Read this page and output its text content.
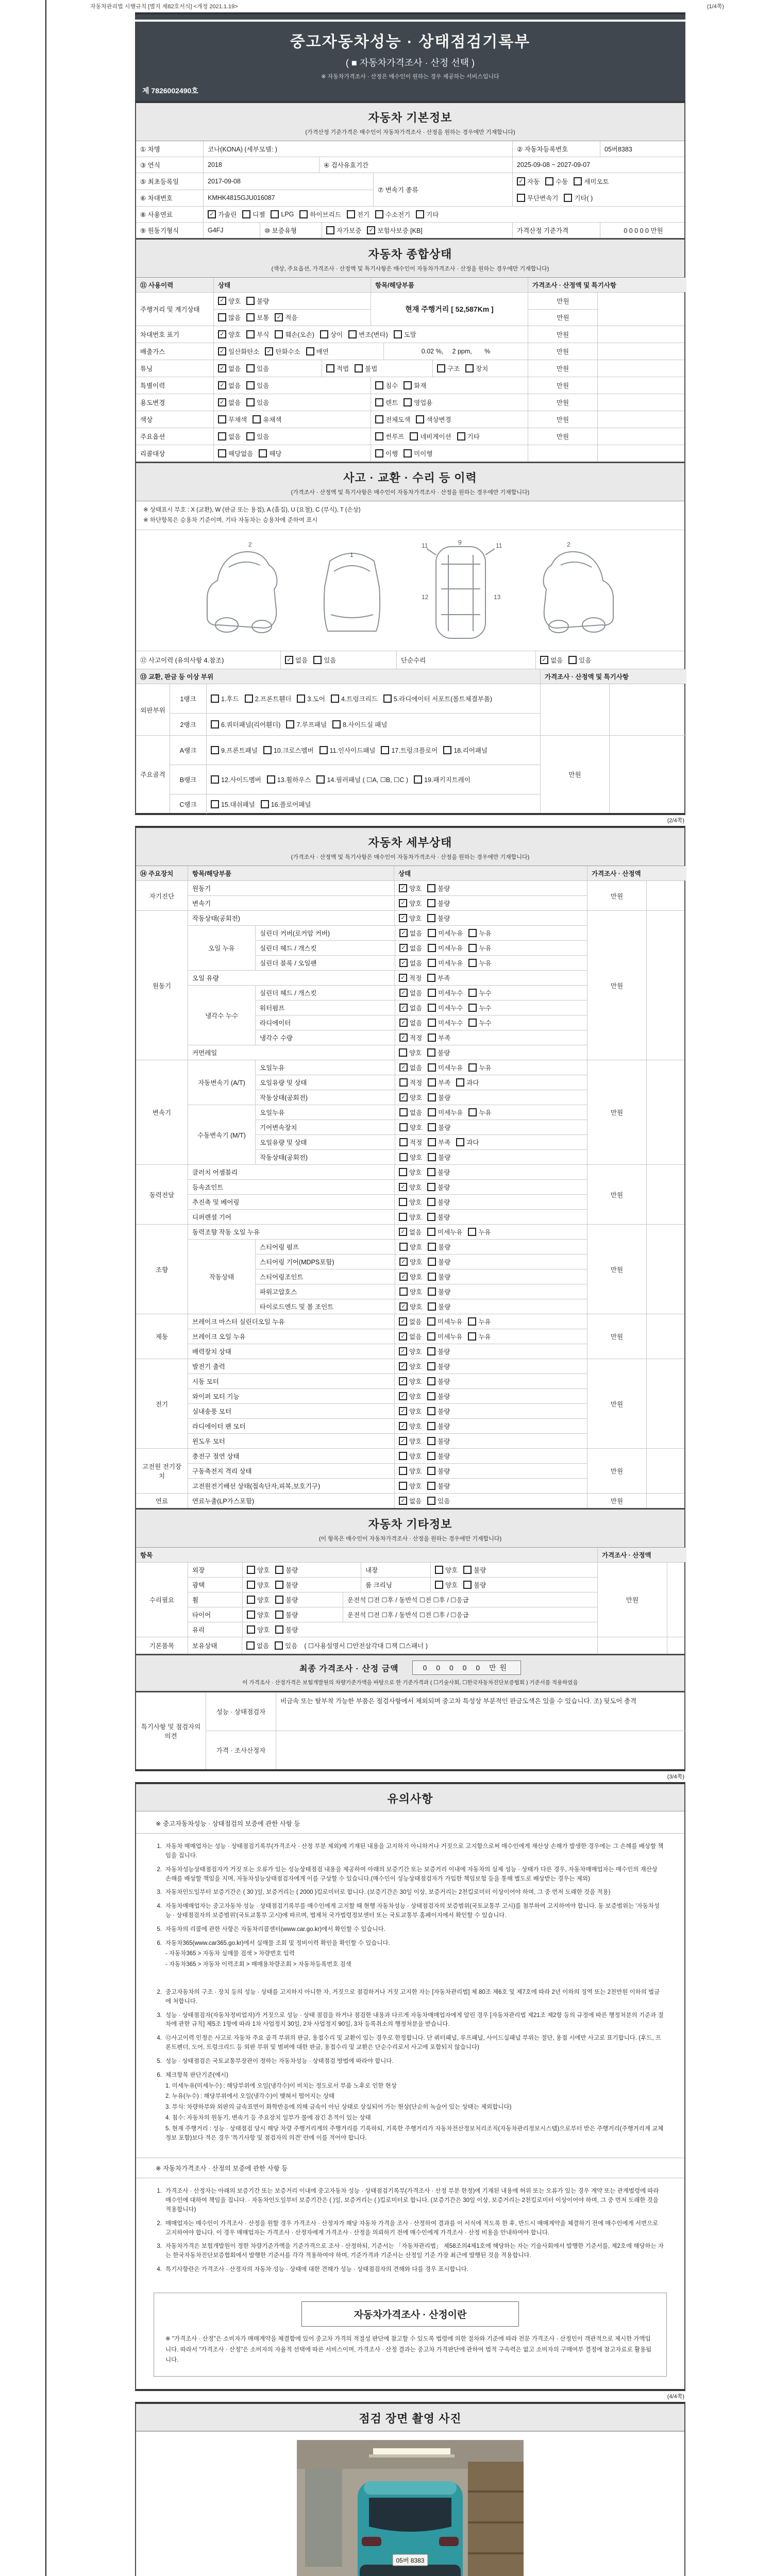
자동차관리법 시행규칙 [별지 제82호서식] <개정 2021.1.19>	(1/4쪽)
중고자동차성능 · 상태점검기록부
( ■ 자동차가격조사 · 산정 선택 )
※ 자동차가격조사 · 산정은 매수인이 원하는 경우 제공하는 서비스입니다
제 7826002490호
자동차 기본정보
(가격산정 기준가격은 매수인이 자동차가격조사 · 산정을 원하는 경우에만 기재합니다)
① 차명	코나(KONA) (세부모델: )	② 자동차등록번호	05버8383
③ 연식	2018	④ 검사유효기간	2025-09-08 ~ 2027-09-07
⑤ 최초등록일	2017-09-08
⑥ 차대번호	KMHK4815GJU016087
⑦ 변속기 종류
✓ 자동 수동 세미오토
무단변속기 기타( )
⑧ 사용연료	✓ 가솔린 디젤 LPG 하이브리드 전기 수소전기 기타
⑨ 원동기형식	G4FJ	⑩ 보증유형	자가보증	✓ 보험사보증 [KB]	가격산정 기준가격	0 0 0 0 0 만원
자동차 종합상태
(색상, 주요옵션, 가격조사 · 산정액 및 특기사항은 매수인이 자동차가격조사 · 산정을 원하는 경우에만 기재합니다)
⑪ 사용이력	상태	항목/해당부품	가격조사 · 산정액 및 특기사항
주행거리 및 계기상태
✓ 양호 불량
많음 보통	✓ 적음
현재 주행거리 [ 52,587Km ]
만원
만원
차대번호 표기	✓ 양호 부식 훼손(오손) 상이 변조(변타) 도말	만원
배출가스	✓ 일산화탄소	✓ 탄화수소 매연	0.02 %,     2 ppm,       %	만원
튜닝	✓ 없음 있음	적법 불법	구조 장치	만원
특별이력	✓ 없음 있음	침수 화재	만원
용도변경	✓ 없음 있음	렌트 영업용	만원
색상	무채색 유채색	전체도색 색상변경	만원
주요옵션	없음 있음	썬루프 네비게이션 기타	만원
리콜대상	해당없음 해당	이행 미이행
사고 · 교환 · 수리 등 이력
(가격조사 · 산정액 및 특기사항은 매수인이 자동차가격조사 · 산정을 원하는 경우에만 기재합니다)
※ 상태표시 부호 : X (교환), W (판금 또는 용접), A (흠집), U (요철), C (부식), T (손상)
※ 하단항목은 승용차 기준이며, 기타 자동차는 승용차에 준하여 표시
2
1
11	9	11
12	13
2
⑫ 사고이력 (유의사항 4.참조)	✓ 없음 있음	단순수리	✓ 없음 있음
⑬ 교환, 판금 등 이상 부위	가격조사 · 산정액 및 특기사항
외판부위
1랭크	1.후드 2.프론트휀더 3.도어 4.트렁크리드 5.라디에이터 서포트(볼트체결부품)
2랭크	6.쿼터패널(리어휀더) 7.루프패널 8.사이드실 패널
주요골격
A랭크	9.프론트패널 10.크로스멤버 11.인사이드패널 17.트렁크플로어 18.리어패널
B랭크	12.사이드멤버 13.휠하우스 14.필러패널 ( ☐A, ☐B, ☐C ) 19.패키지트레이
C랭크	15.대쉬패널 16.플로어패널
만원
(2/4쪽)
자동차 세부상태
(가격조사 · 산정액 및 특기사항은 매수인이 자동차가격조사 · 산정을 원하는 경우에만 기재합니다)
⑭ 주요장치	항목/해당부품	상태	가격조사 · 산정액
자기진단
원동기	✓ 양호 불량
변속기	✓ 양호 불량
만원
원동기
작동상태(공회전)	✓ 양호 불량
오일 누유
실린더 커버(로커암 커버)	✓ 없음 미세누유 누유
실린더 헤드 / 개스킷	✓ 없음 미세누유 누유
실린더 블록 / 오일팬	✓ 없음 미세누유 누유
오일 유량	✓ 적정 부족
냉각수 누수
실린더 헤드 / 개스킷	✓ 없음 미세누수 누수
워터펌프	✓ 없음 미세누수 누수
라디에이터	✓ 없음 미세누수 누수
냉각수 수량	✓ 적정 부족
커먼레일	양호 불량
만원
변속기
자동변속기 (A/T)
오일누유	✓ 없음 미세누유 누유
오일유량 및 상태	적정 부족 과다
작동상태(공회전)	✓ 양호 불량
수동변속기 (M/T)
오일누유	없음 미세누유 누유
기어변속장치	양호 불량
오일유량 및 상태	적정 부족 과다
작동상태(공회전)	양호 불량
만원
동력전달
클러치 어셈블리	양호 불량
등속죠인트	✓ 양호 불량
추진축 및 베어링	양호 불량
디퍼렌셜 기어	양호 불량
만원
조향
동력조향 작동 오일 누유	✓ 없음 미세누유 누유
작동상태
스티어링 펌프	양호 불량
스티어링 기어(MDPS포함)	✓ 양호 불량
스티어링조인트	✓ 양호 불량
파워고압호스	양호 불량
타이로드엔드 및 볼 조인트	✓ 양호 불량
만원
제동
브레이크 마스터 실린더오일 누유	✓ 없음 미세누유 누유
브레이크 오일 누유	✓ 없음 미세누유 누유
배력장치 상태	✓ 양호 불량
만원
전기
발전기 출력	✓ 양호 불량
시동 모터	✓ 양호 불량
와이퍼 모터 기능	✓ 양호 불량
실내송풍 모터	✓ 양호 불량
라디에이터 팬 모터	✓ 양호 불량
윈도우 모터	✓ 양호 불량
만원
고전원 전기장치
충전구 절연 상태	양호 불량
구동축전지 격리 상태	양호 불량
고전원전기배선 상태(접속단자,피복,보호기구)	양호 불량
만원
연료	연료누출(LP가스포함)	✓ 없음 있음	만원
자동차 기타정보
(이 항목은 매수인이 자동차가격조사 · 산정을 원하는 경우에만 기재합니다)
항목	가격조사 · 산정액
수리필요
외장	양호 불량	내장	양호 불량
광택	양호 불량	룸 크리닝	양호 불량
휠	양호 불량	운전석 ☐전 ☐후 / 동반석 ☐전 ☐후 / ☐응급
타이어	양호 불량	운전석 ☐전 ☐후 / 동반석 ☐전 ☐후 / ☐응급
유리	양호 불량
만원
기본품목	보유상태	없음 있음 ( ☐사용설명서 ☐안전삼각대 ☐잭 ☐스패너 )
최종 가격조사 · 산정 금액	0 0 0 0 0 만원
이 가격조사 · 산정가격은 보험개발원의 차량기준가액을 바탕으로 한 기준가격과 ( ☐기술사회, ☐한국자동차진단보증협회 ) 기준서를 적용하였음
특기사항 및 점검자의 의견
성능 · 상태점검자
비금속 또는 탈부착 가능한 부품은 점검사항에서 제외되며 중고차 특성상 부분적인 판금도색은 있을 수 있습니다. 조) 뒷도어 충격
가격 · 조사산정자
(3/4쪽)
유의사항
※ 중고자동차성능 · 상태점검의 보증에 관한 사항 등
1. 자동차 매매업자는 성능 · 상태점검기록부(가격조사 · 산정 부분 제외)에 기재된 내용을 고지하지 아니하거나 거짓으로 고지함으로써 매수인에게 재산상 손해가 발생한 경우에는 그 손해를 배상할 책임을 집니다.
2. 자동차성능상태점검자가 거짓 또는 오류가 있는 성능상태점검 내용을 제공하여 아래의 보증기간 또는 보증거리 이내에 자동차의 실제 성능 · 상태가 다른 경우, 자동차매매업자는 매수인의 재산상 손해를 배상할 책임을 지며, 자동차성능상태점검자에게 이를 구상할 수 있습니다.(매수인이 성능상태점검자가 가입한 책임보험 등을 통해 별도로 배상받는 경우는 제외)
3. 자동차인도일부터 보증기간은 ( 30 )일, 보증거리는 ( 2000 )킬로미터로 합니다. (보증기간은 30일 이상, 보증거리는 2천킬로미터 이상이어야 하며, 그 중 먼저 도래한 것을 적용)
4. 자동차매매업자는 중고자동차 성능 · 상태점검기록부를 매수인에게 고지할 때 현행 자동차성능 · 상태점검자의 보증범위(국토교통부 고시)를 첨부하여 고지하여야 합니다. 동 보증범위는 '자동차성능 · 상태점검자의 보증범위'(국토교통부 고시)에 따르며, 법제처 국가법령정보센터 또는 국토교통부 홈페이지에서 확인할 수 있습니다.
5. 자동차의 리콜에 관한 사항은 자동차리콜센터(www.car.go.kr)에서 확인할 수 있습니다.
6. 자동차365(www.car365.go.kr)에서 실매물 조회 및 정비이력 확인을 확인할 수 있습니다.
- 자동차365 > 자동차 실매물 검색 > 차량번호 입력
- 자동차365 > 자동차 이력조회 > 매매용차량조회 > 자동차등록번호 검색
2. 중고자동차의 구조 · 장치 등의 성능 · 상태를 고지하지 아니한 자, 거짓으로 점검하거나 거짓 고지한 자는 [자동차관리법] 제 80조 제6호 및 제7호에 따라 2년 이하의 징역 또는 2천만원 이하의 벌금에 처합니다.
3. 성능 · 상태점검자(자동차정비업자)가 거짓으로 성능 · 상태 점검을 하거나 점검한 내용과 다르게 자동차매매업자에게 알린 경우 [자동차관리법 제21조 제2항 등의 규정에 따른 행정처분의 기준과 절차에 관한 규칙] 제5조 1항에 따라 1차 사업정지 30일, 2차 사업정지 90일, 3차 등록취소의 행정처분을 받습니다.
4. ⑫사고이력 인정은 사고로 자동차 주요 골격 부위의 판금, 용접수리 및 교환이 있는 경우로 한정합니다. 단 쿼터패널, 루프패널, 사이드실패널 부위는 절단, 용접 시에만 사고로 표기합니다. (후드, 프론트펜더, 도어, 트렁크리드 등 외판 부위 및 범퍼에 대한 판금, 용접수리 및 교환은 단순수리로서 사고에 포함되지 않습니다)
5. 성능 · 상태점검은 국토교통부장관이 정하는 자동차성능 · 상태점검 방법에 따라야 합니다.
6. 체크항목 판단기준(예시)
1. 미세누유(미세누수) : 해당부위에 오일(냉각수)이 비치는 정도로서 부품 노후로 인한 현상
2. 누유(누수) : 해당부위에서 오일(냉각수)이 맺혀서 떨어지는 상태
3. 부식: 차량하부와 외판의 금속표면이 화학반응에 의해 금속이 아닌 상태로 상실되어 가는 현상(단순히 녹슬어 있는 상태는 제외합니다)
4. 침수: 자동차의 원동기, 변속기 등 주요장치 일부가 물에 잠긴 흔적이 있는 상태
5. 현재 주행거리 : 성능 · 상태점검 당시 해당 차량 주행거리계의 주행거리를 기록하되, 기록한 주행거리가 자동차전산정보처리조직(자동차관리정보시스템)으로부터 받은 주행거리(주행거리계 교체 정보 포함)보다 적은 경우 '특기사항 및 점검자의 의견' 란에 이를 적어야 합니다.
※ 자동차가격조사 · 산정의 보증에 관한 사항 등
1. 가격조사 · 산정자는 아래의 보증기간 또는 보증거리 이내에 중고자동차 성능 · 상태점검기록부(가격조사 · 산정 부분 한정)에 기재된 내용에 허위 또는 오류가 있는 경우 계약 또는 관계법령에 따라 매수인에 대하여 책임을 집니다. · 자동차인도일부터 보증기간은 ( )일, 보증거리는 ( )킬로미터로 합니다. (보증기간은 30일 이상, 보증거리는 2천킬로미터 이상이어야 하며, 그 중 먼저 도래한 것을 적용합니다)
2. 매매업자는 매수인이 가격조사 · 산정을 원할 경우 가격조사 · 산정자가 해당 자동차 가격을 조사 · 산정하여 결과를 이 서식에 적도록 한 후, 반드시 매매계약을 체결하기 전에 매수인에게 서면으로 고지하여야 합니다. 이 경우 매매업자는 가격조사 · 산정자에게 가격조사 · 산정을 의뢰하기 전에 매수인에게 가격조사 · 산정 비용을 안내하여야 합니다.
3. 자동차가격은 보험개발원이 정한 차량기준가액을 기준가격으로 조사 · 산정하되, 기준서는 「자동차관리법」 제58조의4제1호에 해당하는 자는 기술사회에서 발행한 기준서를, 제2호에 해당하는 자는 한국자동차진단보증협회에서 발행한 기준서를 각각 적용하여야 하며, 기준가격과 기준서는 산정일 기준 가장 최근에 발행된 것을 적용합니다.
4. 특기사항란은 가격조사 · 산정자의 자동차 성능 · 상태에 대한 견해가 성능 · 상태점검자의 견해와 다를 경우 표시합니다.
자동차가격조사 · 산정이란
※ "가격조사 · 산정"은 소비자가 매매계약을 체결함에 있어 중고차 가격의 적절성 판단에 참고할 수 있도록 법령에 의한 절차와 기준에 따라 전문 가격조사 · 산정인이 객관적으로 제시한 가액입니다. 따라서 "가격조사 · 산정"은 소비자의 자율적 선택에 따른 서비스이며, 가격조사 · 산정 결과는 중고차 가격판단에 관하여 법적 구속력은 없고 소비자의 구매여부 결정에 참고자료로 활용됩니다.
(4/4쪽)
점검 장면 촬영 사진
05버 8383
